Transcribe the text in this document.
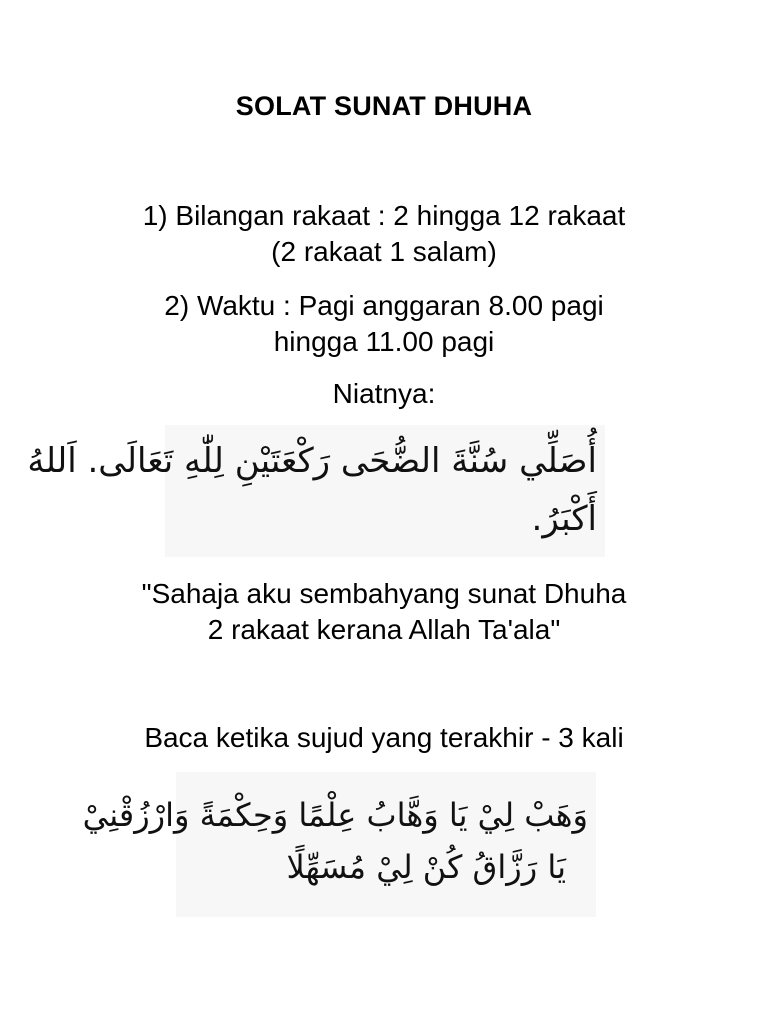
SOLAT SUNAT DHUHA
1) Bilangan rakaat : 2 hingga 12 rakaat
(2 rakaat 1 salam)
2) Waktu : Pagi anggaran 8.00 pagi
hingga 11.00 pagi
Niatnya:
أُصَلِّي سُنَّةَ الضُّحَى رَكْعَتَيْنِ لِلّٰهِ تَعَالَى. اَللهُ
أَكْبَرُ.
"Sahaja aku sembahyang sunat Dhuha
2 rakaat kerana Allah Ta'ala"
Baca ketika sujud yang terakhir - 3 kali
وَهَبْ لِيْ يَا وَهَّابُ عِلْمًا وَحِكْمَةً وَارْزُقْنِيْ
يَا رَزَّاقُ كُنْ لِيْ مُسَهِّلًا
